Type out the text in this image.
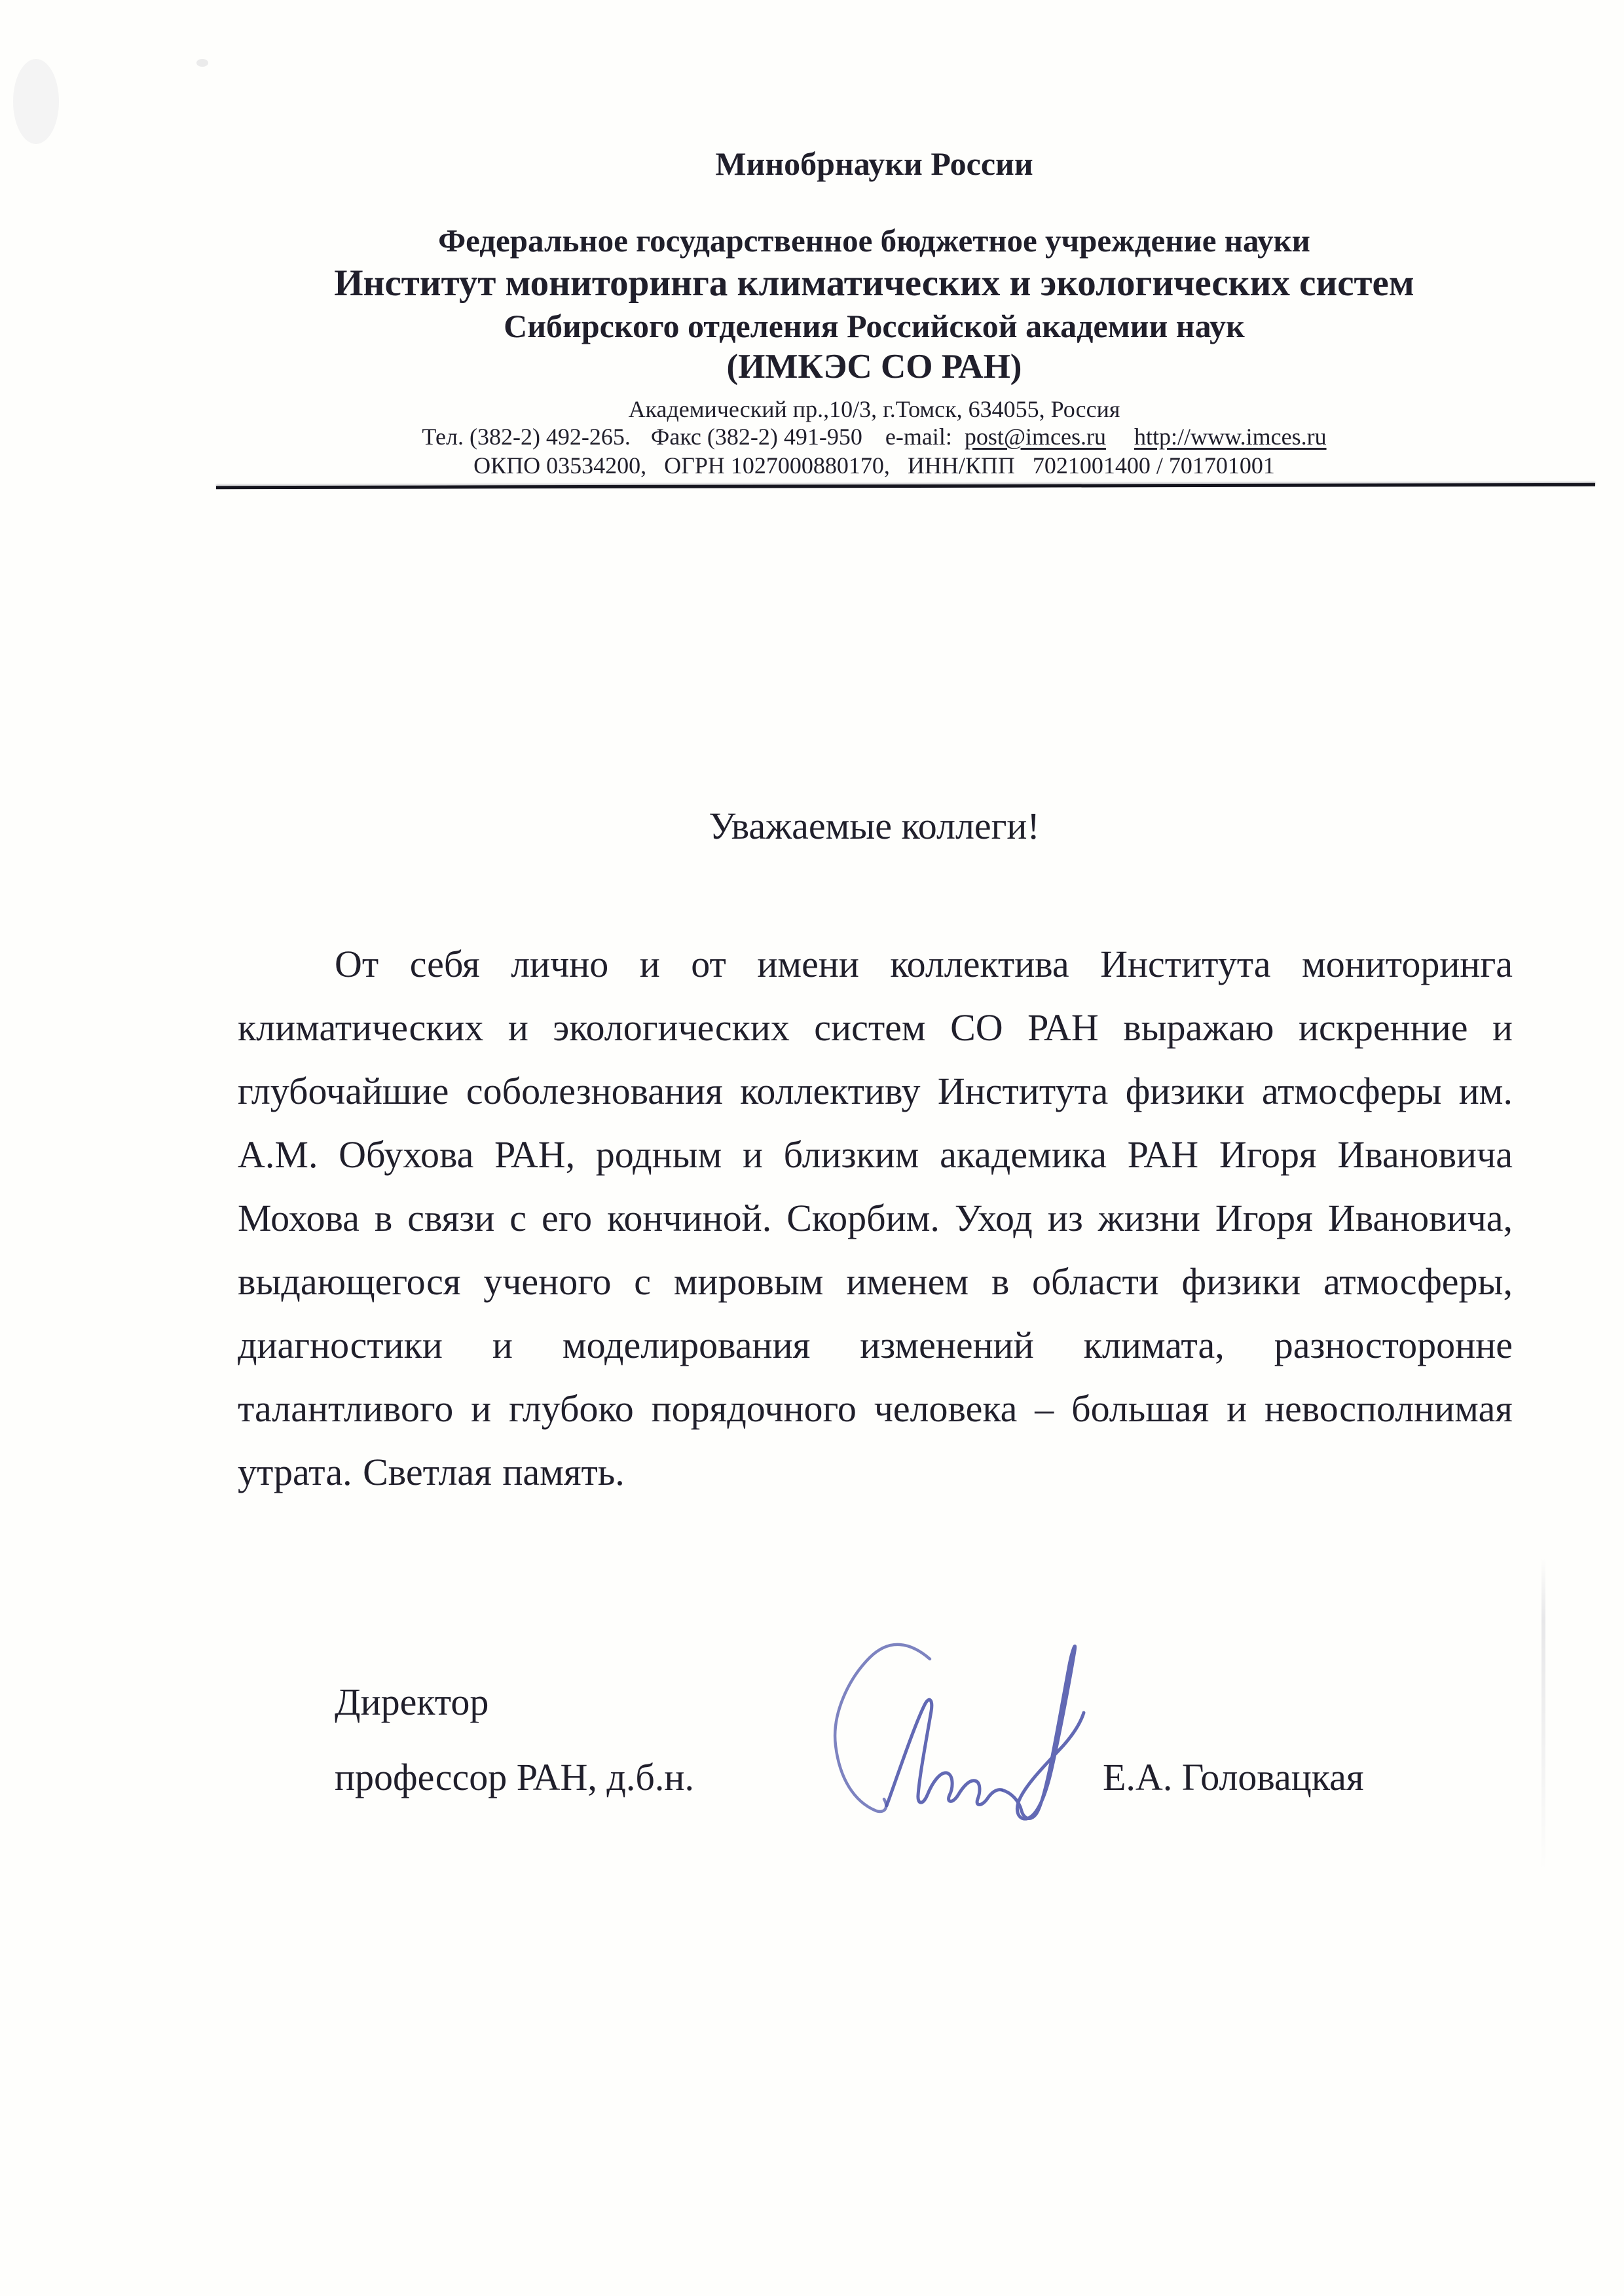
Минобрнауки России
Федеральное государственное бюджетное учреждение науки
Институт мониторинга климатических и экологических систем
Сибирского отделения Российской академии наук
(ИМКЭС СО РАН)
Академический пр.,10/3, г.Томск, 634055, Россия
Тел. (382-2) 492-265. Факс (382-2) 491-950 e-mail: post@imces.ru http://www.imces.ru
ОКПО 03534200,   ОГРН 1027000880170,   ИНН/КПП   7021001400 / 701701001
Уважаемые коллеги!
От себя лично и от имени коллектива Института мониторинга
климатических и экологических систем СО РАН выражаю искренние и
глубочайшие соболезнования коллективу Института физики атмосферы им.
А.М. Обухова РАН, родным и близким академика РАН Игоря Ивановича
Мохова в связи с его кончиной. Скорбим. Уход из жизни Игоря Ивановича,
выдающегося ученого с мировым именем в области физики атмосферы,
диагностики и моделирования изменений климата, разносторонне
талантливого и глубоко порядочного человека – большая и невосполнимая
утрата. Светлая память.
Директор
профессор РАН, д.б.н.	Е.А. Головацкая
